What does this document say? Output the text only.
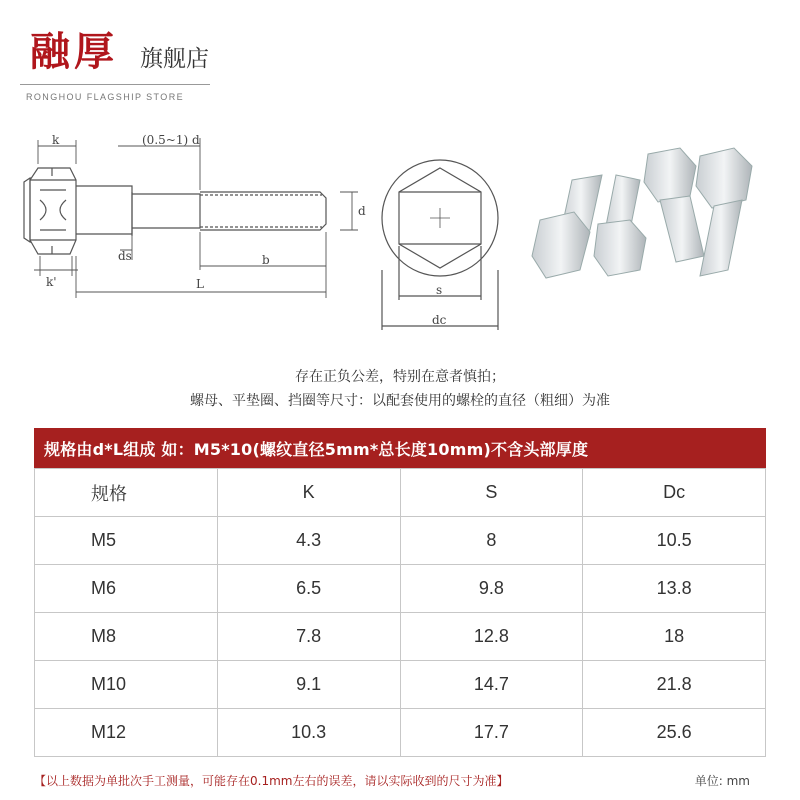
融厚 旗舰店
RONGHOU FLAGSHIP STORE
k	(0.5~1) d
d
ds	b
k'	L	s
dc
存在正负公差，特别在意者慎拍；
螺母、平垫圈、挡圈等尺寸：以配套使用的螺栓的直径（粗细）为准
规格由d*L组成 如：M5*10(螺纹直径5mm*总长度10mm)不含头部厚度
规格	K	S	Dc
M5	4.3	8	10.5
M6	6.5	9.8	13.8
M8	7.8	12.8	18
M10	9.1	14.7	21.8
M12	10.3	17.7	25.6
【以上数据为单批次手工测量，可能存在0.1mm左右的误差，请以实际收到的尺寸为准】	单位: mm
